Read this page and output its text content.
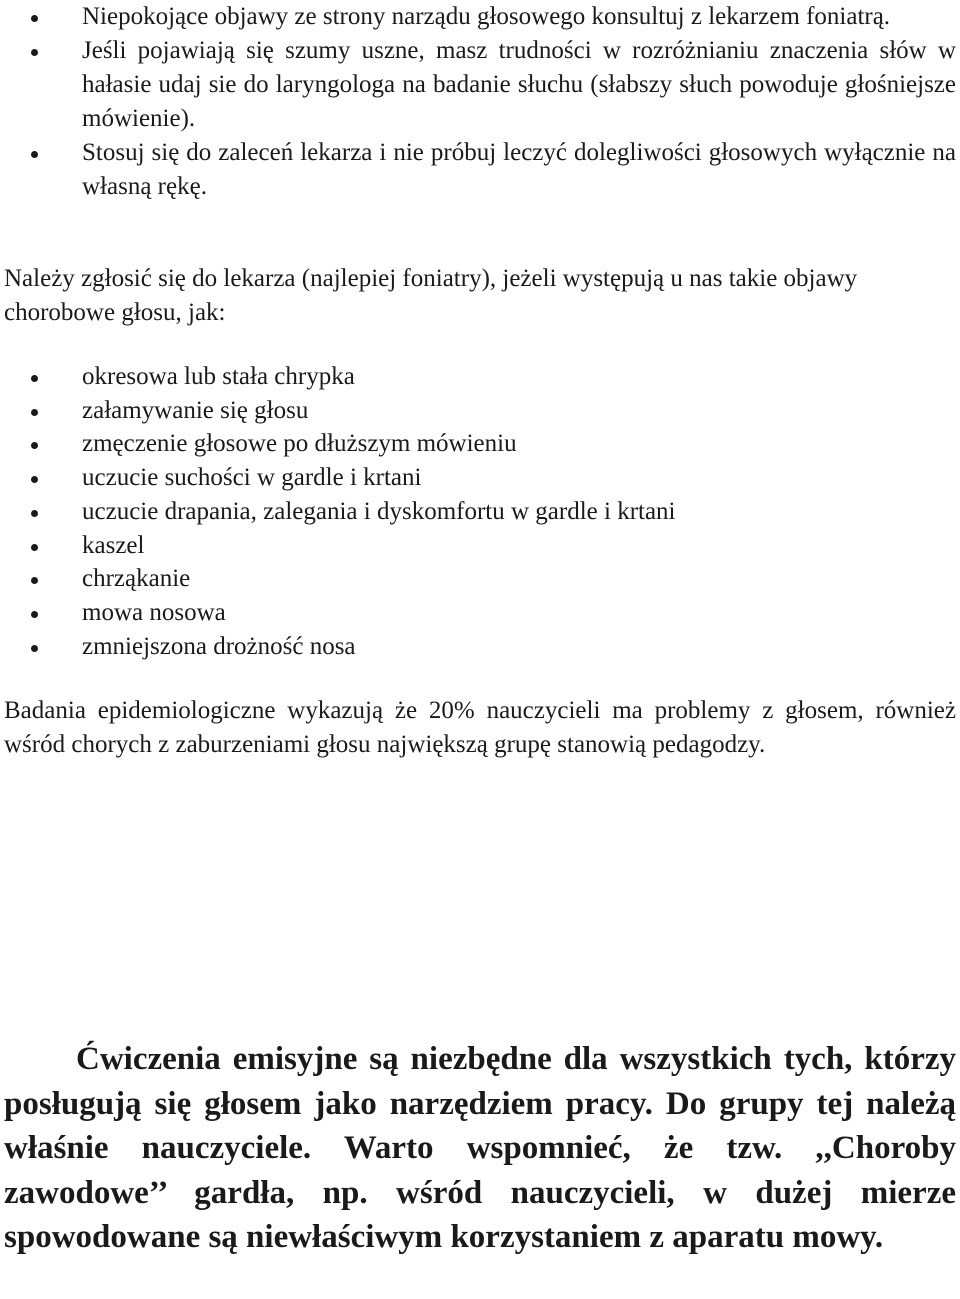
Niepokojące objawy ze strony narządu głosowego konsultuj z lekarzem foniatrą.
Jeśli pojawiają się szumy uszne, masz trudności w rozróżnianiu znaczenia słów w hałasie udaj sie do laryngologa na badanie słuchu (słabszy słuch powoduje głośniejsze mówienie).
Stosuj się do zaleceń lekarza i nie próbuj leczyć dolegliwości głosowych wyłącznie na własną rękę.

Należy zgłosić się do lekarza (najlepiej foniatry), jeżeli występują u nas takie objawy chorobowe głosu, jak:

okresowa lub stała chrypka
załamywanie się głosu
zmęczenie głosowe po dłuższym mówieniu
uczucie suchości w gardle i krtani
uczucie drapania, zalegania i dyskomfortu w gardle i krtani
kaszel
chrząkanie
mowa nosowa
zmniejszona drożność nosa

Badania epidemiologiczne wykazują że 20% nauczycieli ma problemy z głosem, również wśród chorych z zaburzeniami głosu największą grupę stanowią pedagodzy.

Ćwiczenia emisyjne są niezbędne dla wszystkich tych, którzy posługują się głosem jako narzędziem pracy. Do grupy tej należą właśnie nauczyciele. Warto wspomnieć, że tzw. ,,Choroby zawodowe’’ gardła, np. wśród nauczycieli, w dużej mierze spowodowane są niewłaściwym korzystaniem z aparatu mowy.
